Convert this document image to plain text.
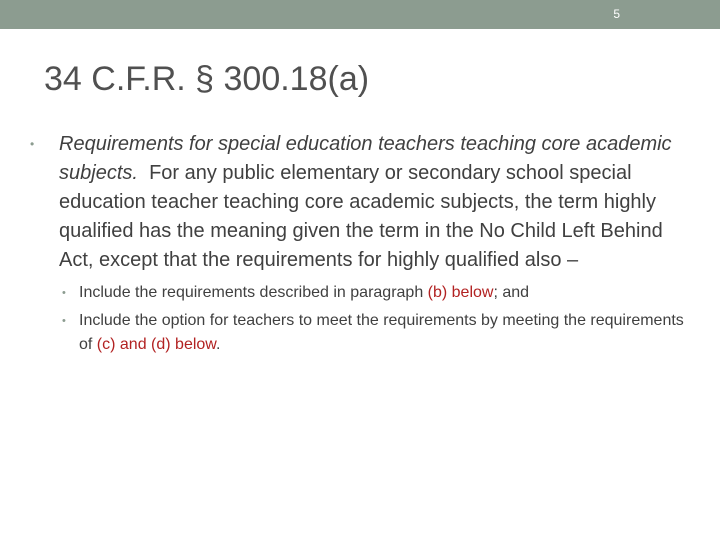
5
34 C.F.R. § 300.18(a)

• Requirements for special education teachers teaching core academic subjects. For any public elementary or secondary school special education teacher teaching core academic subjects, the term highly qualified has the meaning given the term in the No Child Left Behind Act, except that the requirements for highly qualified also –

• Include the requirements described in paragraph (b) below; and
• Include the option for teachers to meet the requirements by meeting the requirements of (c) and (d) below.
